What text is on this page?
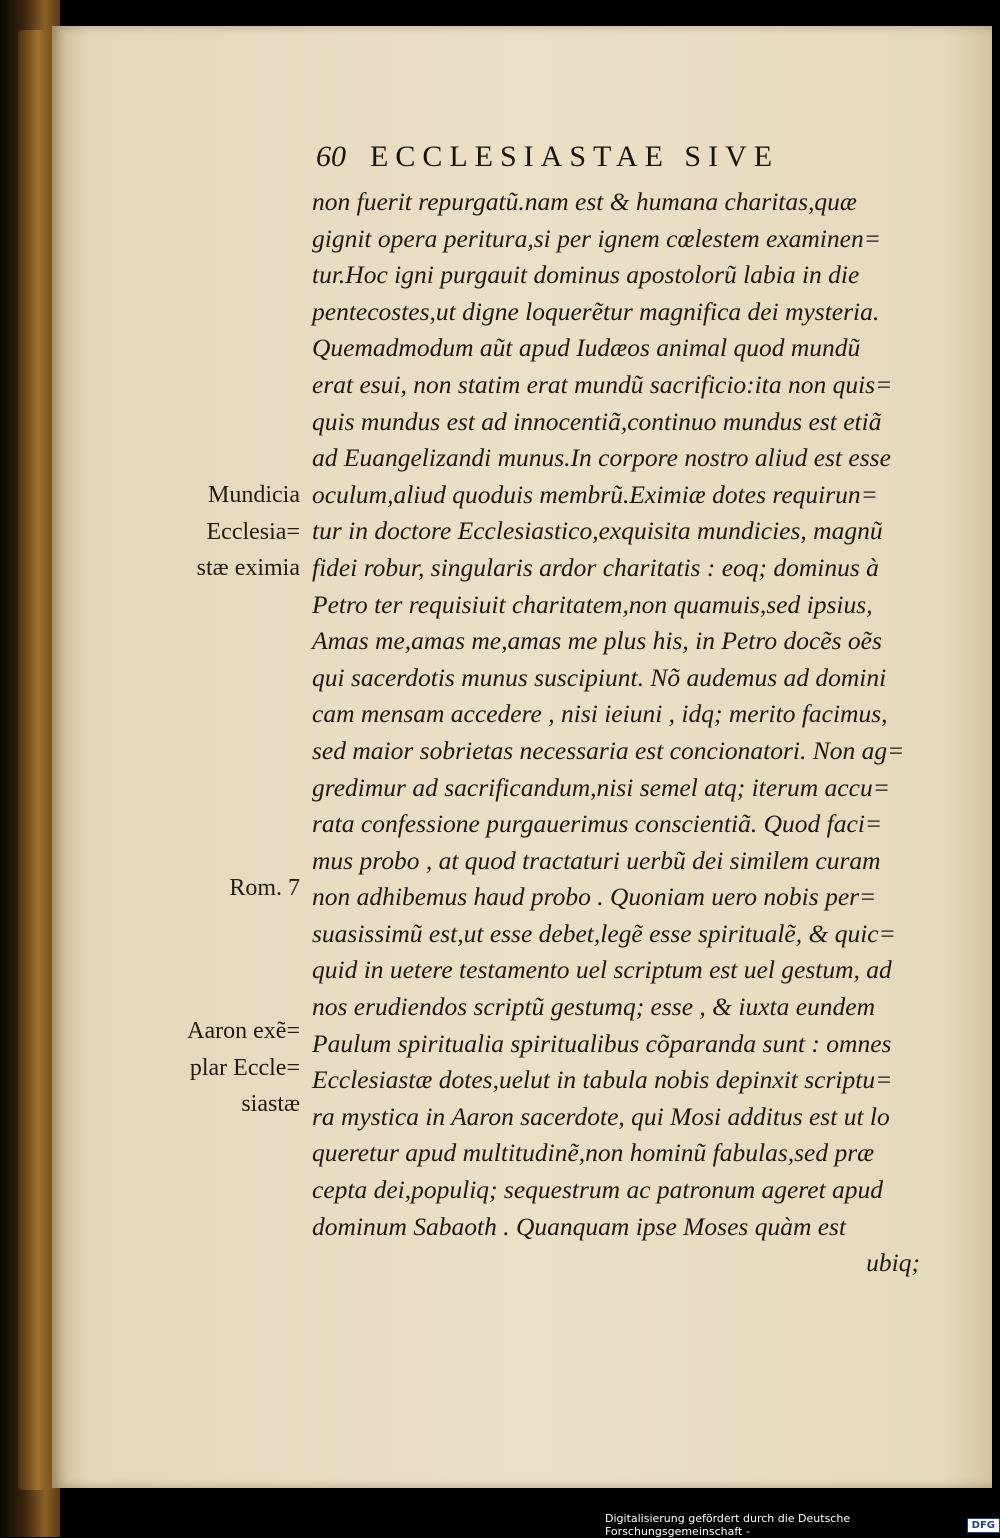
60 ECCLESIASTAE SIVE
non fuerit repurgatũ.nam est & humana charitas,quæ
gignit opera peritura,si per ignem cœlestem examinen=
tur.Hoc igni purgauit dominus apostolorũ labia in die
pentecostes,ut digne loquerẽtur magnifica dei mysteria.
Quemadmodum aũt apud Iudæos animal quod mundũ
erat esui, non statim erat mundũ sacrificio:ita non quis=
quis mundus est ad innocentiã,continuo mundus est etiã
ad Euangelizandi munus.In corpore nostro aliud est esse
oculum,aliud quoduis membrũ.Eximiæ dotes requirun=
tur in doctore Ecclesiastico,exquisita mundicies, magnũ
fidei robur, singularis ardor charitatis : eoq; dominus à
Petro ter requisiuit charitatem,non quamuis,sed ipsius,
Amas me,amas me,amas me plus his, in Petro docẽs oẽs
qui sacerdotis munus suscipiunt. Nõ audemus ad domini
cam mensam accedere , nisi ieiuni , idq; merito facimus,
sed maior sobrietas necessaria est concionatori. Non ag=
gredimur ad sacrificandum,nisi semel atq; iterum accu=
rata confessione purgauerimus conscientiã. Quod faci=
mus probo , at quod tractaturi uerbũ dei similem curam
non adhibemus haud probo . Quoniam uero nobis per=
suasissimũ est,ut esse debet,legẽ esse spiritualẽ, & quic=
quid in uetere testamento uel scriptum est uel gestum, ad
nos erudiendos scriptũ gestumq; esse , & iuxta eundem
Paulum spiritualia spiritualibus cõparanda sunt : omnes
Ecclesiastæ dotes,uelut in tabula nobis depinxit scriptu=
ra mystica in Aaron sacerdote, qui Mosi additus est ut lo
queretur apud multitudinẽ,non hominũ fabulas,sed præ
cepta dei,populiq; sequestrum ac patronum ageret apud
dominum Sabaoth . Quanquam ipse Moses quàm est
ubiq;
Mundicia
Ecclesia=
stæ eximia
Rom. 7
Aaron exẽ=
plar Eccle=
siastæ
Digitalisierung gefördert durch die Deutsche Forschungsgemeinschaft -	DFG
